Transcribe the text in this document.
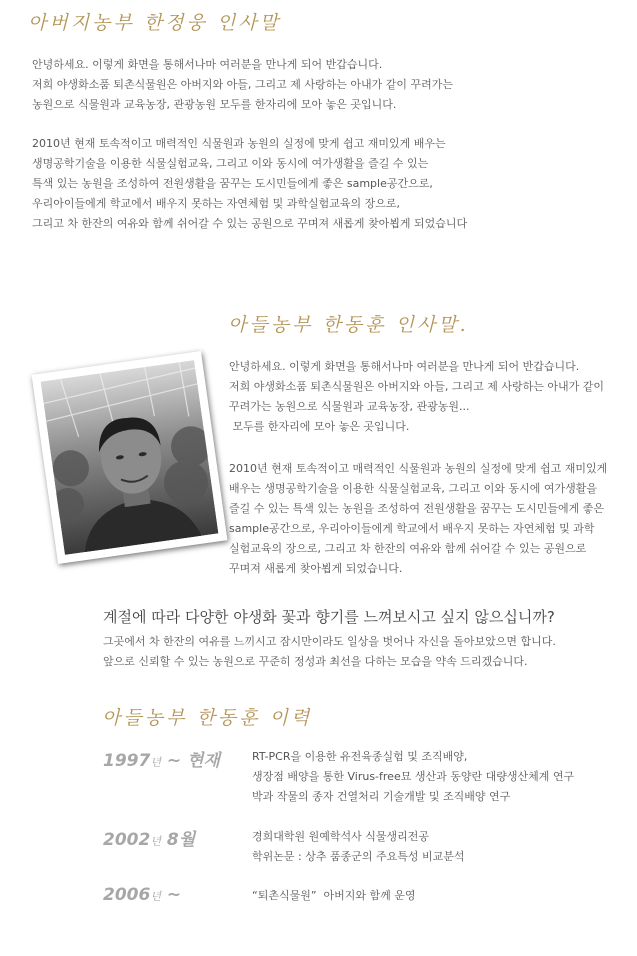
아버지농부 한정웅 인사말

안녕하세요. 이렇게 화면을 통해서나마 여러분을 만나게 되어 반갑습니다.

저희 야생화소품 퇴촌식물원은 아버지와 아들, 그리고 제 사랑하는 아내가 같이 꾸려가는

농원으로 식물원과 교육농장, 관광농원 모두를 한자리에 모아 놓은 곳입니다.

2010년 현재 토속적이고 매력적인 식물원과 농원의 실정에 맞게 쉽고 재미있게 배우는

생명공학기술을 이용한 식물실험교육, 그리고 이와 동시에 여가생활을 즐길 수 있는

특색 있는 농원을 조성하여 전원생활을 꿈꾸는 도시민들에게 좋은 sample공간으로,

우리아이들에게 학교에서 배우지 못하는 자연체험 및 과학실험교육의 장으로,

그리고 차 한잔의 여유와 함께 쉬어갈 수 있는 공원으로 꾸며져 새롭게 찾아뵙게 되었습니다

아들농부 한동훈 인사말.

안녕하세요. 이렇게 화면을 통해서나마 여러분을 만나게 되어 반갑습니다.

저희 야생화소품 퇴촌식물원은 아버지와 아들, 그리고 제 사랑하는 아내가 같이

꾸려가는 농원으로 식물원과 교육농장, 관광농원...

모두를 한자리에 모아 놓은 곳입니다.

2010년 현재 토속적이고 매력적인 식물원과 농원의 실정에 맞게 쉽고 재미있게

배우는 생명공학기술을 이용한 식물실험교육, 그리고 이와 동시에 여가생활을

즐길 수 있는 특색 있는 농원을 조성하여 전원생활을 꿈꾸는 도시민들에게 좋은

sample공간으로, 우리아이들에게 학교에서 배우지 못하는 자연체험 및 과학

실험교육의 장으로, 그리고 차 한잔의 여유와 함께 쉬어갈 수 있는 공원으로

꾸며져 새롭게 찾아뵙게 되었습니다.

계절에 따라 다양한 야생화 꽃과 향기를 느껴보시고 싶지 않으십니까?

그곳에서 차 한잔의 여유를 느끼시고 잠시만이라도 일상을 벗어나 자신을 돌아보았으면 합니다.

앞으로 신뢰할 수 있는 농원으로 꾸준히 정성과 최선을 다하는 모습을 약속 드리겠습니다.

아들농부 한동훈 이력
1997년 ~ 현재	RT-PCR을 이용한 유전육종실험 및 조직배양,

생장점 배양을 통한 Virus-free묘 생산과 동양란 대량생산체계 연구

박과 작물의 종자 건열처리 기술개발 및 조직배양 연구

2002년 8월	경희대학원 원예학석사 식물생리전공

학위논문 : 상추 품종군의 주요특성 비교분석

2006년 ~	“퇴촌식물원”  아버지와 함께 운영
